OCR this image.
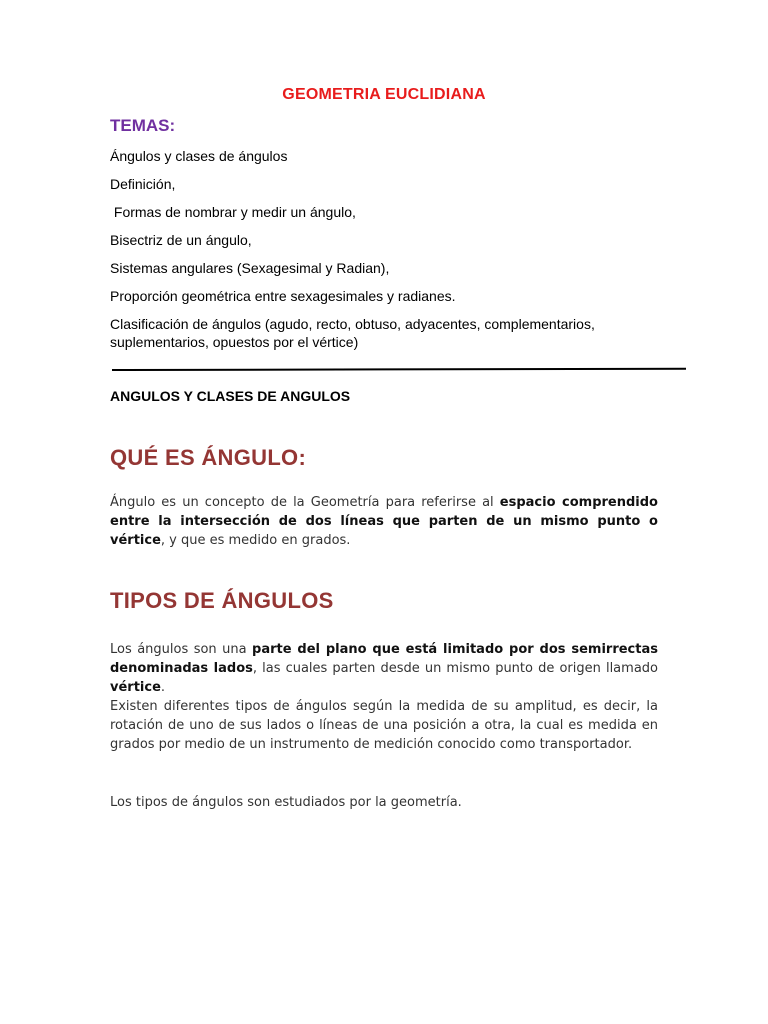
GEOMETRIA EUCLIDIANA
TEMAS:
Ángulos y clases de ángulos
Definición,
Formas de nombrar y medir un ángulo,
Bisectriz de un ángulo,
Sistemas angulares (Sexagesimal y Radian),
Proporción geométrica entre sexagesimales y radianes.
Clasificación de ángulos (agudo, recto, obtuso, adyacentes, complementarios, suplementarios, opuestos por el vértice)
ANGULOS Y CLASES DE ANGULOS
QUÉ ES ÁNGULO:
Ángulo es un concepto de la Geometría para referirse al espacio comprendido entre la intersección de dos líneas que parten de un mismo punto o vértice, y que es medido en grados.
TIPOS DE ÁNGULOS
Los ángulos son una parte del plano que está limitado por dos semirrectas denominadas lados, las cuales parten desde un mismo punto de origen llamado vértice.
Existen diferentes tipos de ángulos según la medida de su amplitud, es decir, la rotación de uno de sus lados o líneas de una posición a otra, la cual es medida en grados por medio de un instrumento de medición conocido como transportador.
Los tipos de ángulos son estudiados por la geometría.
